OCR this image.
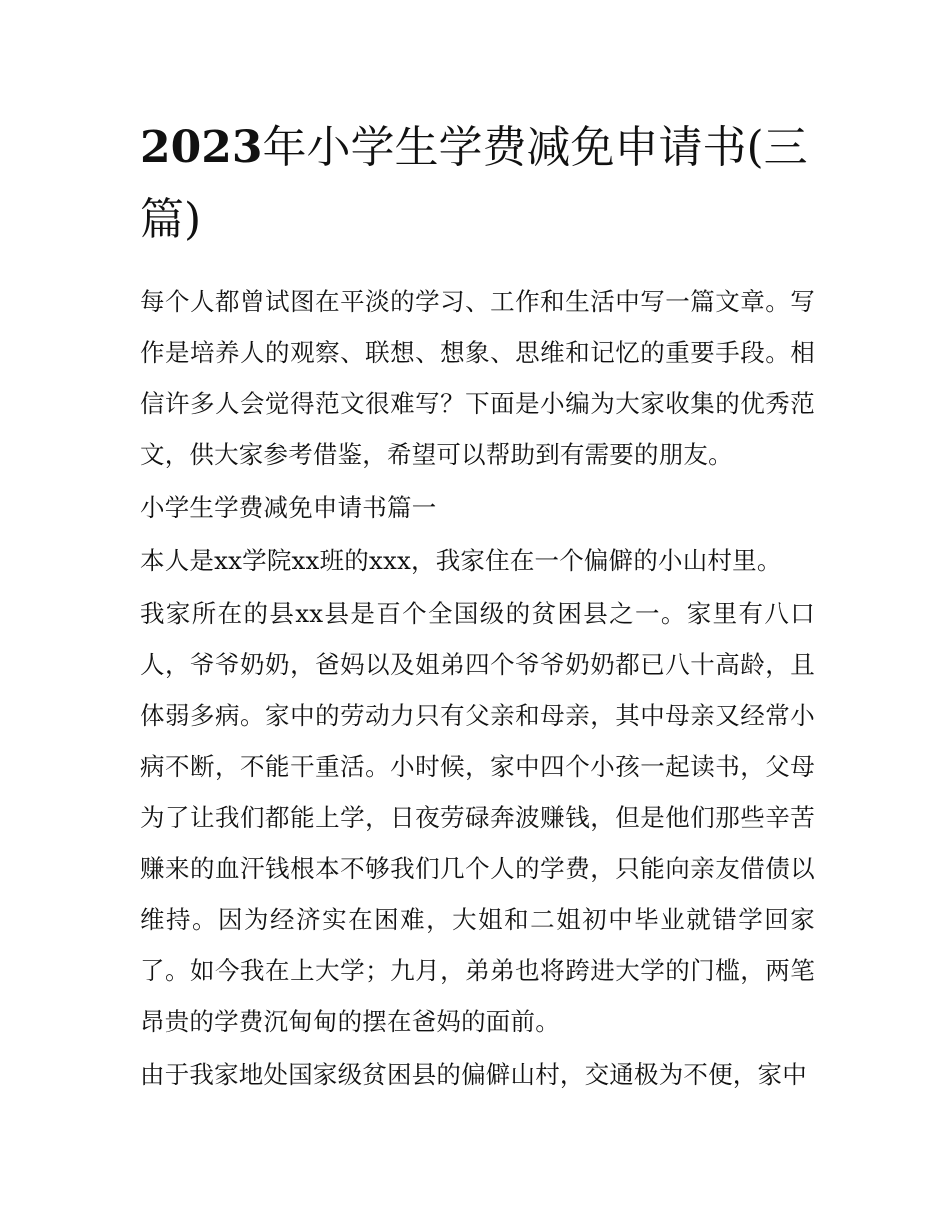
2023年小学生学费减免申请书(三篇)

每个人都曾试图在平淡的学习、工作和生活中写一篇文章。写作是培养人的观察、联想、想象、思维和记忆的重要手段。相信许多人会觉得范文很难写？下面是小编为大家收集的优秀范文，供大家参考借鉴，希望可以帮助到有需要的朋友。

小学生学费减免申请书篇一

本人是xx学院xx班的xxx，我家住在一个偏僻的小山村里。

我家所在的县xx县是百个全国级的贫困县之一。家里有八口人，爷爷奶奶，爸妈以及姐弟四个爷爷奶奶都已八十高龄，且体弱多病。家中的劳动力只有父亲和母亲，其中母亲又经常小病不断，不能干重活。小时候，家中四个小孩一起读书，父母为了让我们都能上学，日夜劳碌奔波赚钱，但是他们那些辛苦赚来的血汗钱根本不够我们几个人的学费，只能向亲友借债以维持。因为经济实在困难，大姐和二姐初中毕业就错学回家了。如今我在上大学；九月，弟弟也将跨进大学的门槛，两笔昂贵的学费沉甸甸的摆在爸妈的面前。

由于我家地处国家级贫困县的偏僻山村，交通极为不便，家中
